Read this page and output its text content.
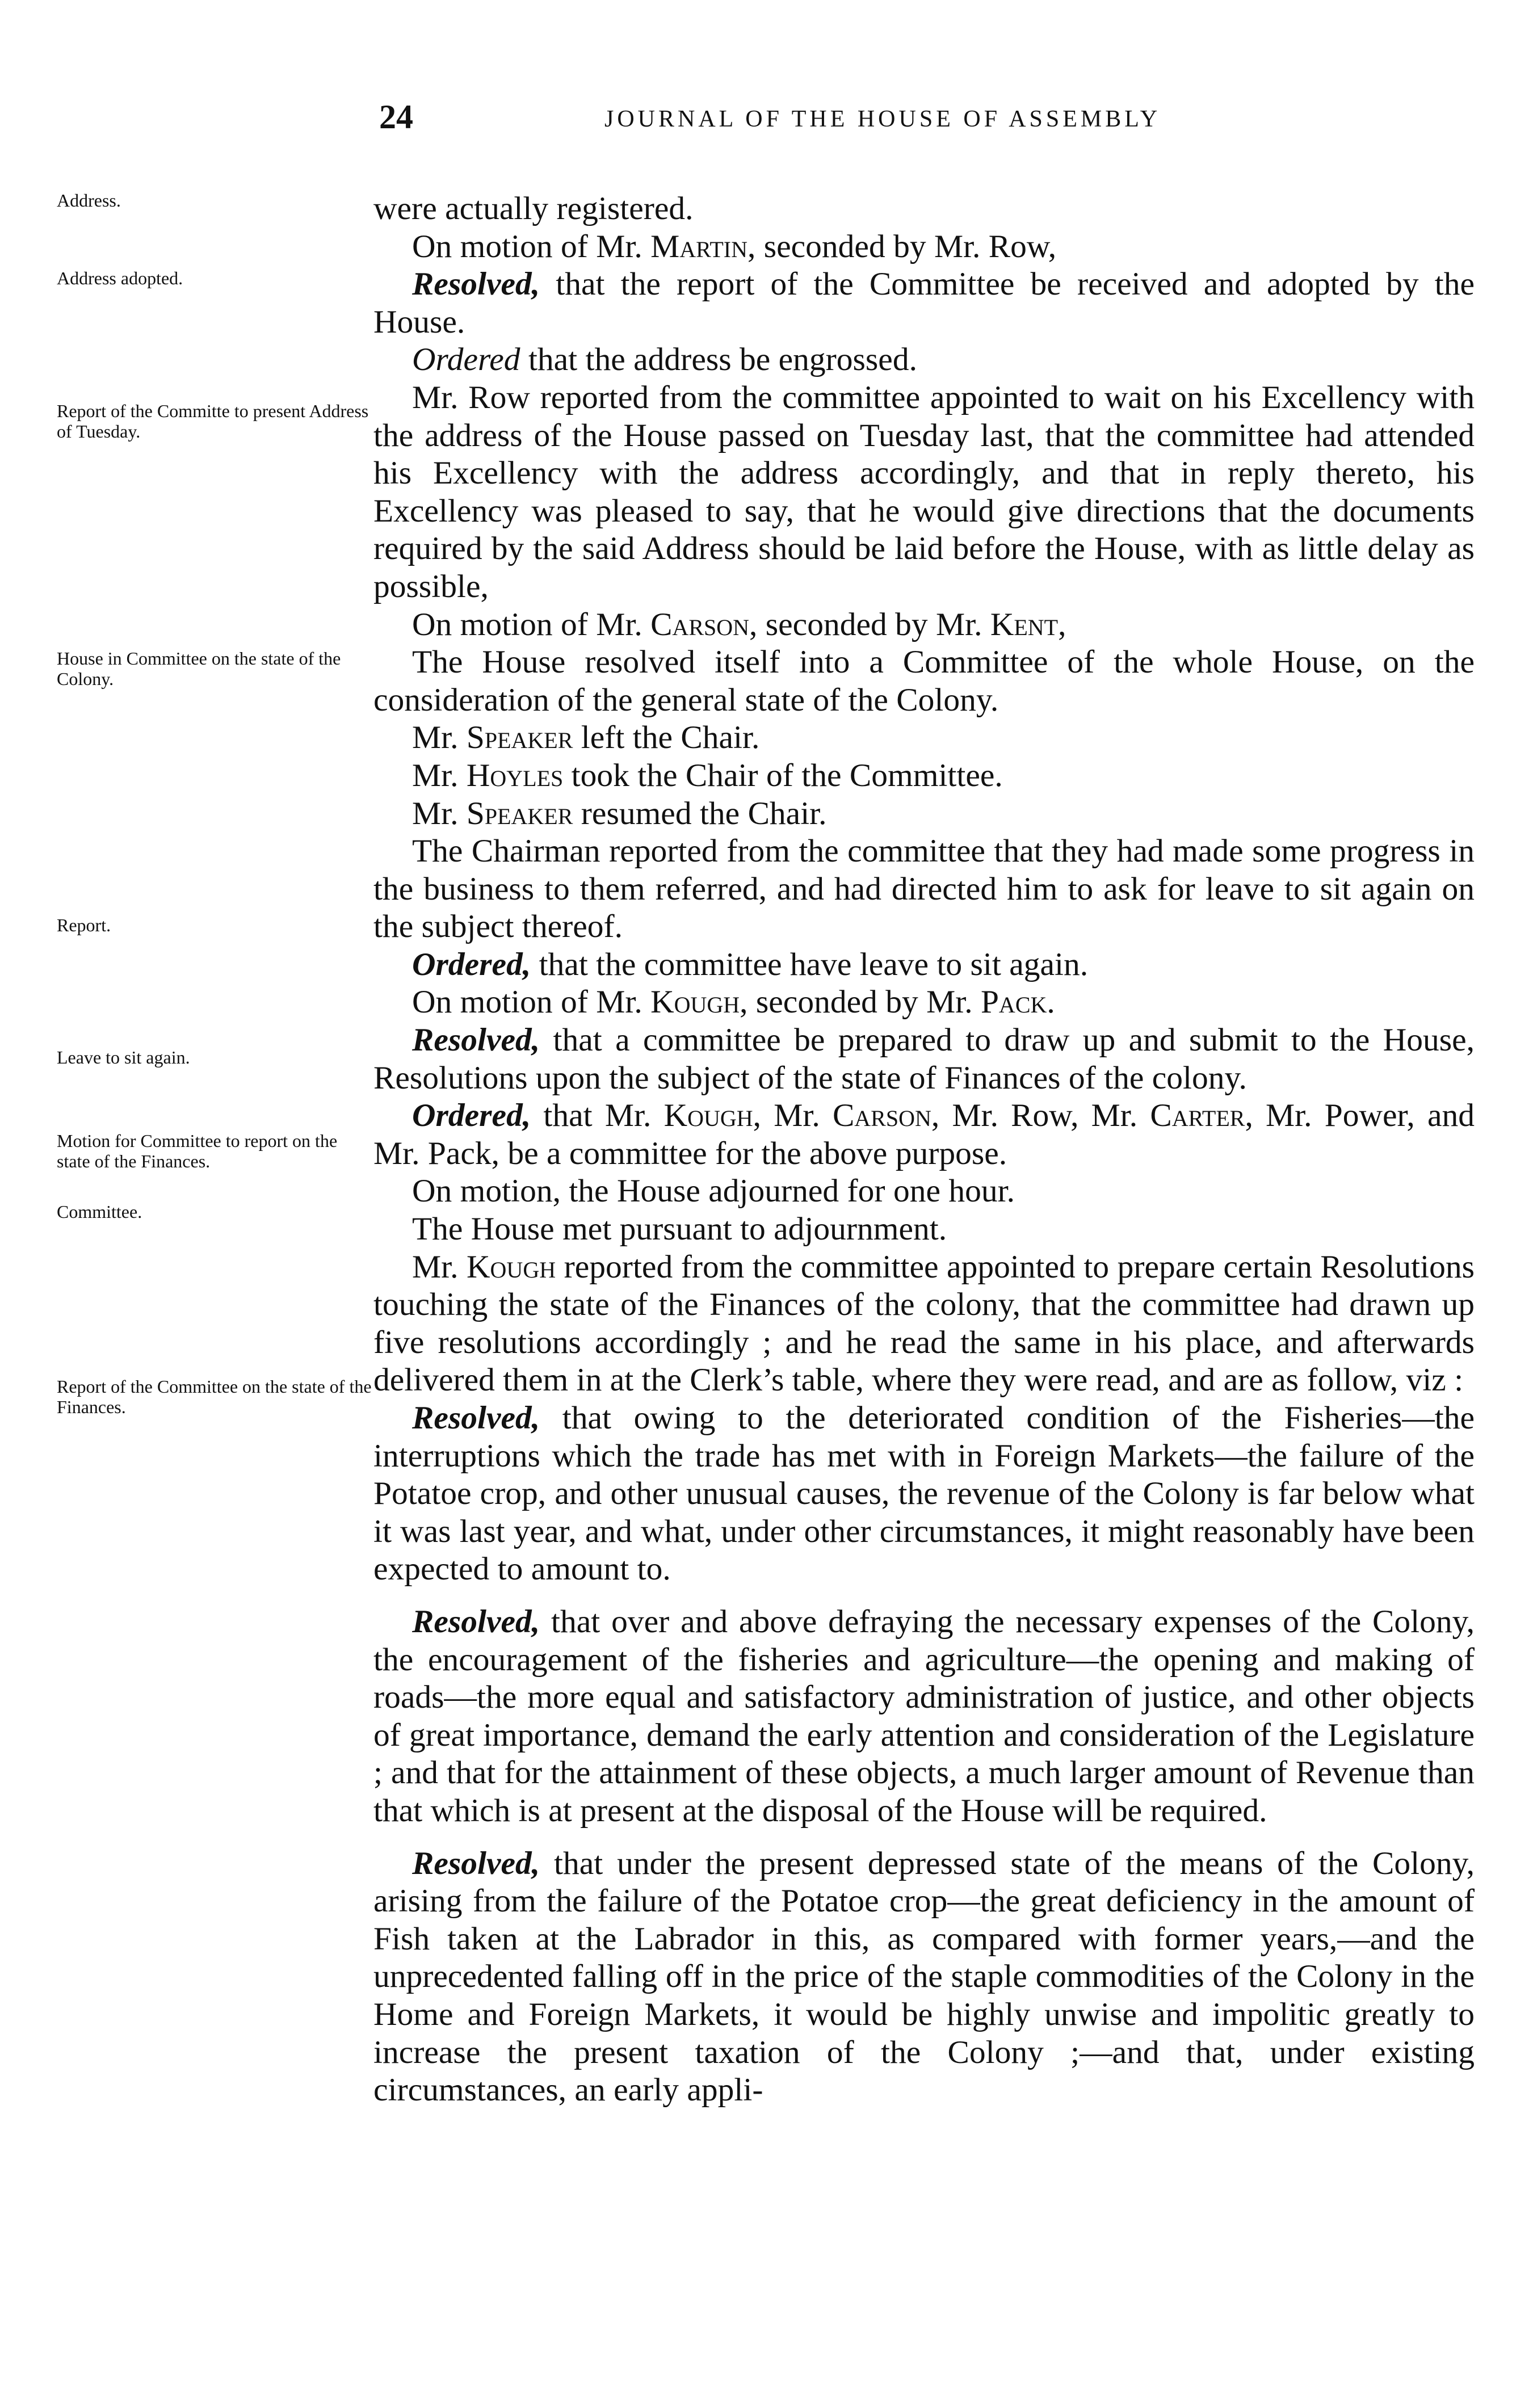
24	JOURNAL OF THE HOUSE OF ASSEMBLY
Address.
Address adopted.
Report of the Committe to present Address of Tuesday.
House in Committee on the state of the Colony.
Report.
Leave to sit again.
Motion for Committee to report on the state of the Finances.
Committee.
Report of the Committee on the state of the Finances.

were actually registered.

On motion of Mr. Martin, seconded by Mr. Row,

Resolved, that the report of the Committee be received and adopted by the House.

Ordered that the address be engrossed.

Mr. Row reported from the committee appointed to wait on his Excellency with the address of the House passed on Tuesday last, that the committee had attended his Excellency with the address accordingly, and that in reply thereto, his Excellency was pleased to say, that he would give directions that the documents required by the said Address should be laid before the House, with as little delay as possible,

On motion of Mr. Carson, seconded by Mr. Kent,

The House resolved itself into a Committee of the whole House, on the consideration of the general state of the Colony.

Mr. Speaker left the Chair.

Mr. Hoyles took the Chair of the Committee.

Mr. Speaker resumed the Chair.

The Chairman reported from the committee that they had made some progress in the business to them referred, and had directed him to ask for leave to sit again on the subject thereof.

Ordered, that the committee have leave to sit again.

On motion of Mr. Kough, seconded by Mr. Pack.

Resolved, that a committee be prepared to draw up and submit to the House, Resolutions upon the subject of the state of Finances of the colony.

Ordered, that Mr. Kough, Mr. Carson, Mr. Row, Mr. Carter, Mr. Power, and Mr. Pack, be a committee for the above purpose.

On motion, the House adjourned for one hour.

The House met pursuant to adjournment.

Mr. Kough reported from the committee appointed to prepare certain Resolutions touching the state of the Finances of the colony, that the committee had drawn up five resolutions accordingly ; and he read the same in his place, and afterwards delivered them in at the Clerk’s table, where they were read, and are as follow, viz :

Resolved, that owing to the deteriorated condition of the Fisheries—the interruptions which the trade has met with in Foreign Markets—the failure of the Potatoe crop, and other unusual causes, the revenue of the Colony is far below what it was last year, and what, under other circumstances, it might reasonably have been expected to amount to.

Resolved, that over and above defraying the necessary expenses of the Colony, the encouragement of the fisheries and agriculture—the opening and making of roads—the more equal and satisfactory administration of justice, and other objects of great importance, demand the early attention and consideration of the Legislature ; and that for the attainment of these objects, a much larger amount of Revenue than that which is at present at the disposal of the House will be required.

Resolved, that under the present depressed state of the means of the Colony, arising from the failure of the Potatoe crop—the great deficiency in the amount of Fish taken at the Labrador in this, as compared with former years,—and the unprecedented falling off in the price of the staple commodities of the Colony in the Home and Foreign Markets, it would be highly unwise and impolitic greatly to increase the present taxation of the Colony ;—and that, under existing circumstances, an early appli-
